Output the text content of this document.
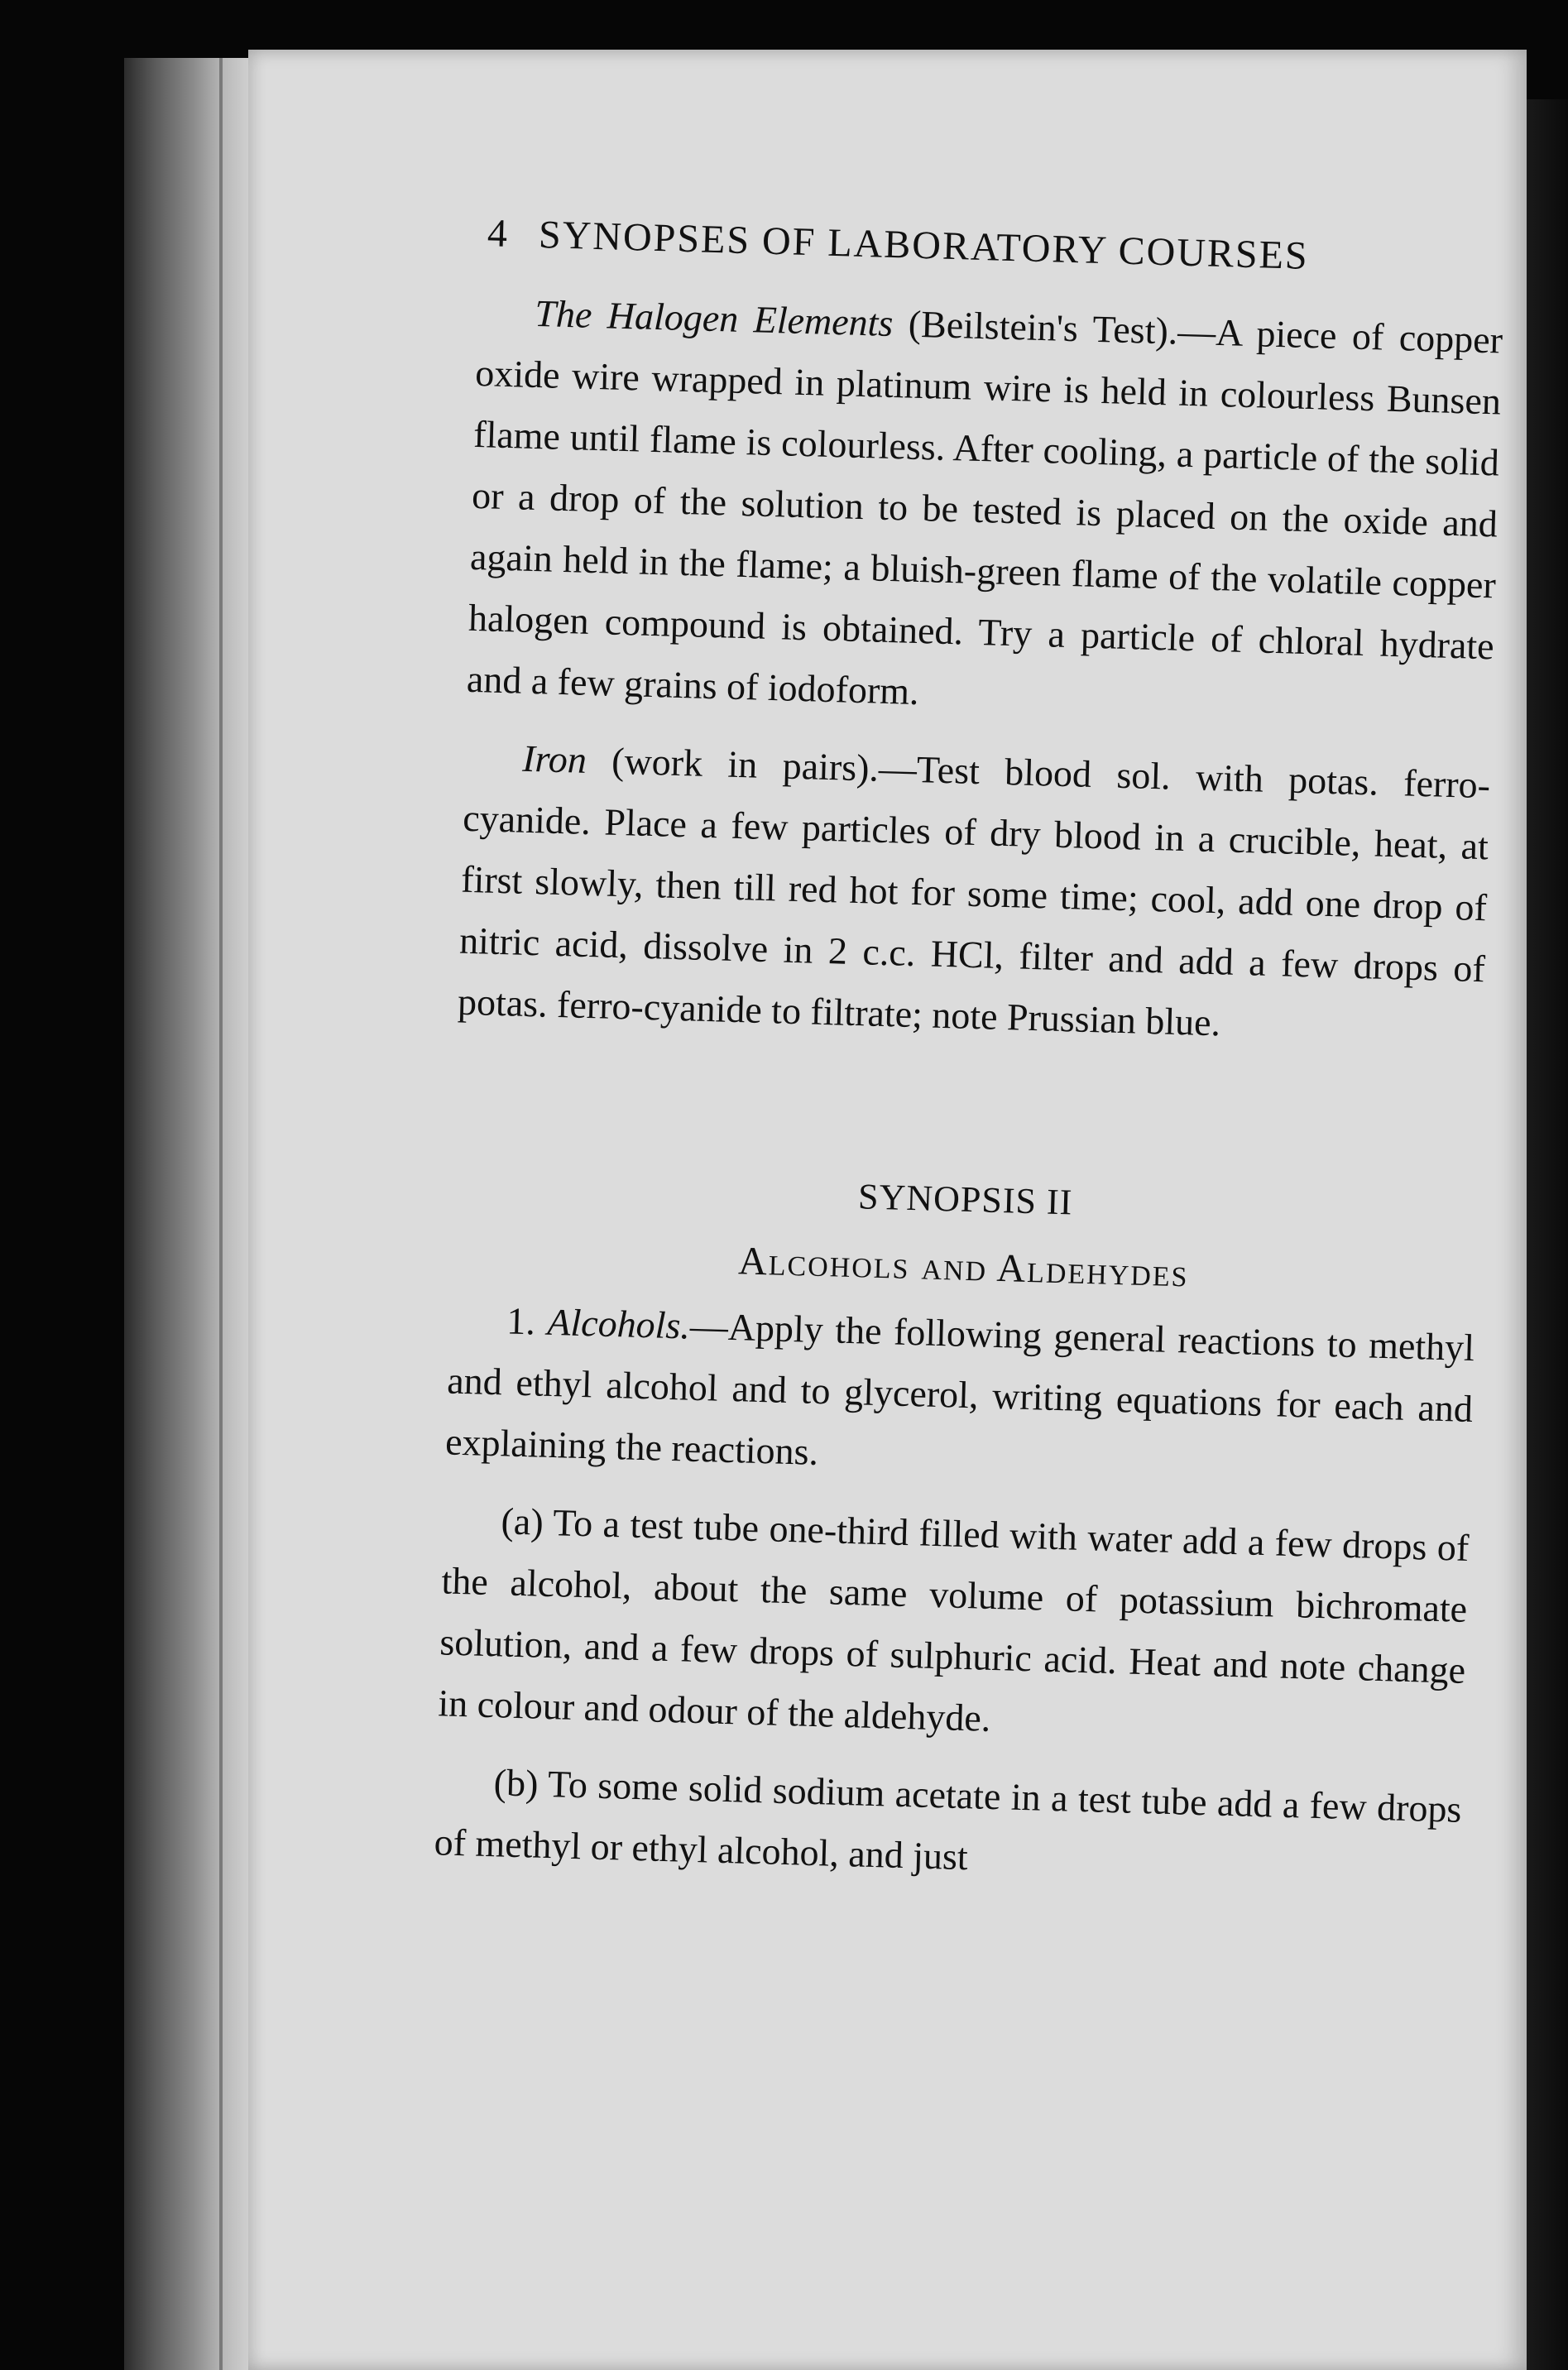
4 SYNOPSES OF LABORATORY COURSES

The Halogen Elements (Beilstein's Test).—A piece of copper oxide wire wrapped in platinum wire is held in colourless Bunsen flame until flame is colourless. After cooling, a particle of the solid or a drop of the solution to be tested is placed on the oxide and again held in the flame; a bluish-green flame of the volatile copper halogen compound is obtained. Try a particle of chloral hydrate and a few grains of iodoform.

Iron (work in pairs).—Test blood sol. with potas. ferro-cyanide. Place a few particles of dry blood in a crucible, heat, at first slowly, then till red hot for some time; cool, add one drop of nitric acid, dissolve in 2 c.c. HCl, filter and add a few drops of potas. ferro-cyanide to filtrate; note Prussian blue.

SYNOPSIS II
Alcohols and Aldehydes

1. Alcohols.—Apply the following general reactions to methyl and ethyl alcohol and to glycerol, writing equations for each and explaining the reactions.

(a) To a test tube one-third filled with water add a few drops of the alcohol, about the same volume of potassium bichromate solution, and a few drops of sulphuric acid. Heat and note change in colour and odour of the aldehyde.

(b) To some solid sodium acetate in a test tube add a few drops of methyl or ethyl alcohol, and just
